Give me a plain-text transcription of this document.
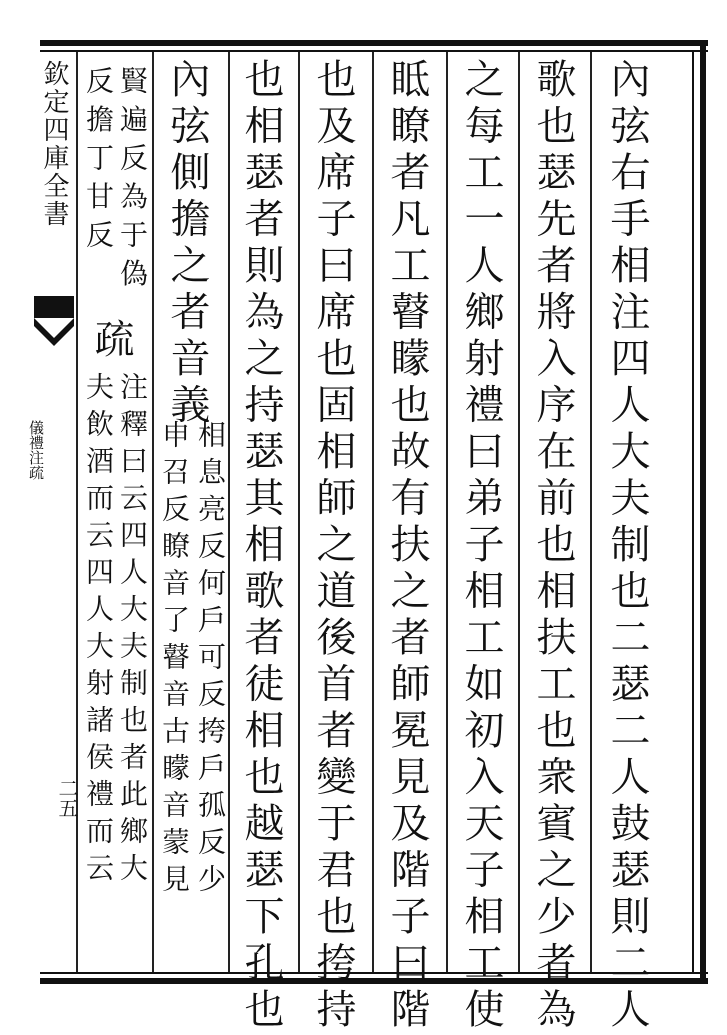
欽定四庫全書
儀禮注疏
二五	內弦右手相注四人大夫制也二瑟二人鼓瑟則二人
歌也瑟先者將入序在前也相扶工也衆賓之少者為
之每工一人鄉射禮曰弟子相工如初入天子相工使
眡瞭者凡工瞽矇也故有扶之者師冕見及階子曰階
也及席子曰席也固相師之道後首者變于君也挎持
也相瑟者則為之持瑟其相歌者徒相也越瑟下孔也
內弦側擔之者音義
相息亮反何戶可反挎戶孤反少
申召反瞭音了瞽音古矇音蒙見
賢遍反為于偽
反擔丁甘反
疏
注釋曰云四人大夫制也者此鄉大
夫飲酒而云四人大射諸侯禮而云
